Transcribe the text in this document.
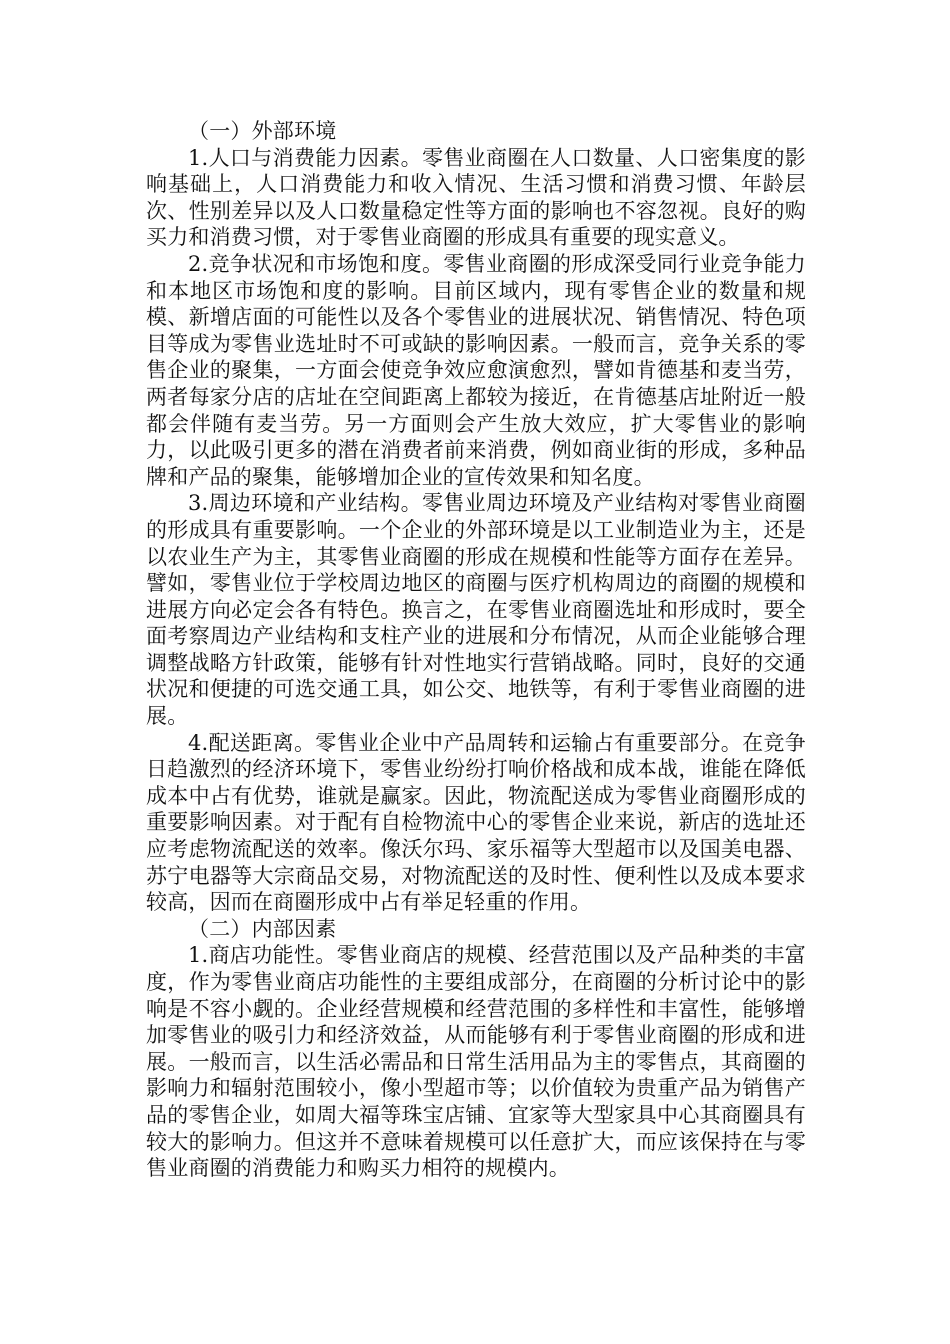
（一）外部环境

1.人口与消费能力因素。零售业商圈在人口数量、人口密集度的影响基础上，人口消费能力和收入情况、生活习惯和消费习惯、年龄层次、性别差异以及人口数量稳定性等方面的影响也不容忽视。良好的购买力和消费习惯，对于零售业商圈的形成具有重要的现实意义。

2.竞争状况和市场饱和度。零售业商圈的形成深受同行业竞争能力和本地区市场饱和度的影响。目前区域内，现有零售企业的数量和规模、新增店面的可能性以及各个零售业的进展状况、销售情况、特色项目等成为零售业选址时不可或缺的影响因素。一般而言，竞争关系的零售企业的聚集，一方面会使竞争效应愈演愈烈，譬如肯德基和麦当劳，两者每家分店的店址在空间距离上都较为接近，在肯德基店址附近一般都会伴随有麦当劳。另一方面则会产生放大效应，扩大零售业的影响力，以此吸引更多的潜在消费者前来消费，例如商业街的形成，多种品牌和产品的聚集，能够增加企业的宣传效果和知名度。

3.周边环境和产业结构。零售业周边环境及产业结构对零售业商圈的形成具有重要影响。一个企业的外部环境是以工业制造业为主，还是以农业生产为主，其零售业商圈的形成在规模和性能等方面存在差异。譬如，零售业位于学校周边地区的商圈与医疗机构周边的商圈的规模和进展方向必定会各有特色。换言之，在零售业商圈选址和形成时，要全面考察周边产业结构和支柱产业的进展和分布情况，从而企业能够合理调整战略方针政策，能够有针对性地实行营销战略。同时，良好的交通状况和便捷的可选交通工具，如公交、地铁等，有利于零售业商圈的进展。

4.配送距离。零售业企业中产品周转和运输占有重要部分。在竞争日趋激烈的经济环境下，零售业纷纷打响价格战和成本战，谁能在降低成本中占有优势，谁就是赢家。因此，物流配送成为零售业商圈形成的重要影响因素。对于配有自检物流中心的零售企业来说，新店的选址还应考虑物流配送的效率。像沃尔玛、家乐福等大型超市以及国美电器、苏宁电器等大宗商品交易，对物流配送的及时性、便利性以及成本要求较高，因而在商圈形成中占有举足轻重的作用。

（二）内部因素

1.商店功能性。零售业商店的规模、经营范围以及产品种类的丰富度，作为零售业商店功能性的主要组成部分，在商圈的分析讨论中的影响是不容小觑的。企业经营规模和经营范围的多样性和丰富性，能够增加零售业的吸引力和经济效益，从而能够有利于零售业商圈的形成和进展。一般而言，以生活必需品和日常生活用品为主的零售点，其商圈的影响力和辐射范围较小，像小型超市等；以价值较为贵重产品为销售产品的零售企业，如周大福等珠宝店铺、宜家等大型家具中心其商圈具有较大的影响力。但这并不意味着规模可以任意扩大，而应该保持在与零售业商圈的消费能力和购买力相符的规模内。
